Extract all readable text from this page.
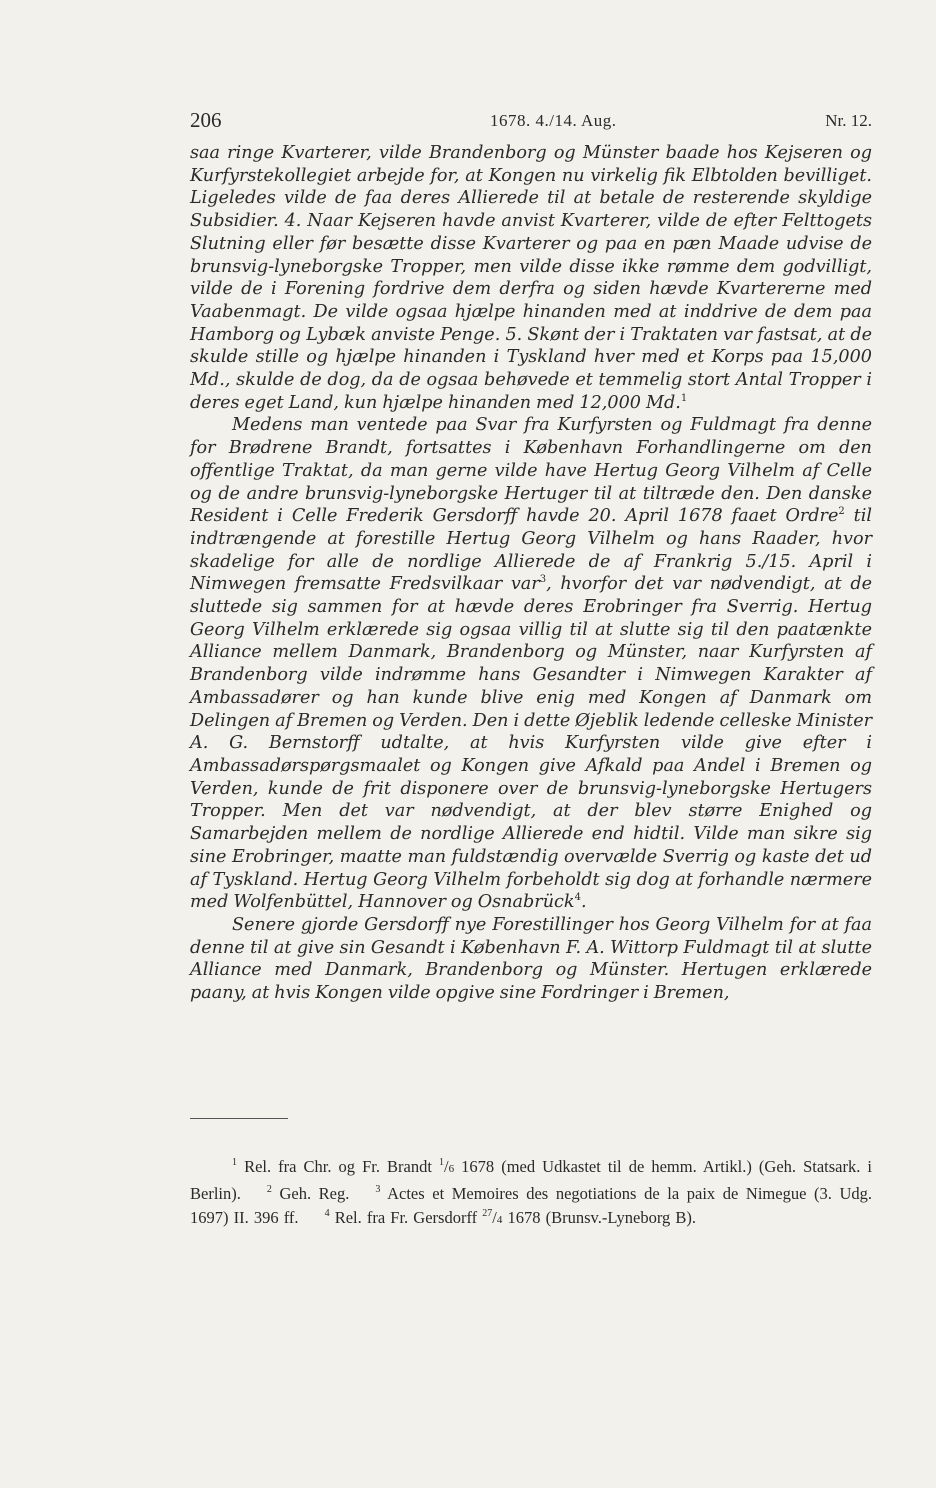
206	1678. 4./14. Aug.	Nr. 12.

saa ringe Kvarterer, vilde Brandenborg og Münster baade hos Kejseren og Kurfyrstekollegiet arbejde for, at Kongen nu virkelig fik Elbtolden bevilliget. Ligeledes vilde de faa deres Allierede til at betale de resterende skyldige Subsidier. 4. Naar Kejseren havde anvist Kvarterer, vilde de efter Felttogets Slutning eller før besætte disse Kvarterer og paa en pæn Maade udvise de brunsvig-lyneborgske Tropper, men vilde disse ikke rømme dem godvilligt, vilde de i Forening fordrive dem derfra og siden hævde Kvartererne med Vaabenmagt. De vilde ogsaa hjælpe hinanden med at inddrive de dem paa Hamborg og Lybæk anviste Penge. 5. Skønt der i Traktaten var fastsat, at de skulde stille og hjælpe hinanden i Tyskland hver med et Korps paa 15,000 Md., skulde de dog, da de ogsaa behøvede et temmelig stort Antal Tropper i deres eget Land, kun hjælpe hinanden med 12,000 Md.$^1$

Medens man ventede paa Svar fra Kurfyrsten og Fuldmagt fra denne for Brødrene Brandt, fortsattes i København Forhandlingerne om den offentlige Traktat, da man gerne vilde have Hertug Georg Vilhelm af Celle og de andre brunsvig-lyneborgske Hertuger til at tiltræde den. Den danske Resident i Celle Frederik Gersdorff havde 20. April 1678 faaet Ordre$^2$ til indtrængende at forestille Hertug Georg Vilhelm og hans Raader, hvor skadelige for alle de nordlige Allierede de af Frankrig 5./15. April i Nimwegen fremsatte Fredsvilkaar var$^3$, hvorfor det var nødvendigt, at de sluttede sig sammen for at hævde deres Erobringer fra Sverrig. Hertug Georg Vilhelm erklærede sig ogsaa villig til at slutte sig til den paatænkte Alliance mellem Danmark, Brandenborg og Münster, naar Kurfyrsten af Brandenborg vilde indrømme hans Gesandter i Nimwegen Karakter af Ambassadører og han kunde blive enig med Kongen af Danmark om Delingen af Bremen og Verden. Den i dette Øjeblik ledende celleske Minister A. G. Bernstorff udtalte, at hvis Kurfyrsten vilde give efter i Ambassadørspørgsmaalet og Kongen give Afkald paa Andel i Bremen og Verden, kunde de frit disponere over de brunsvig-lyneborgske Hertugers Tropper. Men det var nødvendigt, at der blev større Enighed og Samarbejden mellem de nordlige Allierede end hidtil. Vilde man sikre sig sine Erobringer, maatte man fuldstændig overvælde Sverrig og kaste det ud af Tyskland. Hertug Georg Vilhelm forbeholdt sig dog at forhandle nærmere med Wolfenbüttel, Hannover og Osnabrück$^4$.

Senere gjorde Gersdorff nye Forestillinger hos Georg Vilhelm for at faa denne til at give sin Gesandt i København F. A. Wittorp Fuldmagt til at slutte Alliance med Danmark, Brandenborg og Münster. Hertugen erklærede paany, at hvis Kongen vilde opgive sine Fordringer i Bremen,

$^1$ Rel. fra Chr. og Fr. Brandt $^1$/6 1678 (med Udkastet til de hemm. Artikl.) (Geh. Statsark. i Berlin).	$^2$ Geh. Reg.	$^3$ Actes et Memoires des negotiations de la paix de Nimegue (3. Udg. 1697) II. 396 ff.	$^4$ Rel. fra Fr. Gersdorff $^{27}$/4 1678 (Brunsv.-Lyneborg B).
